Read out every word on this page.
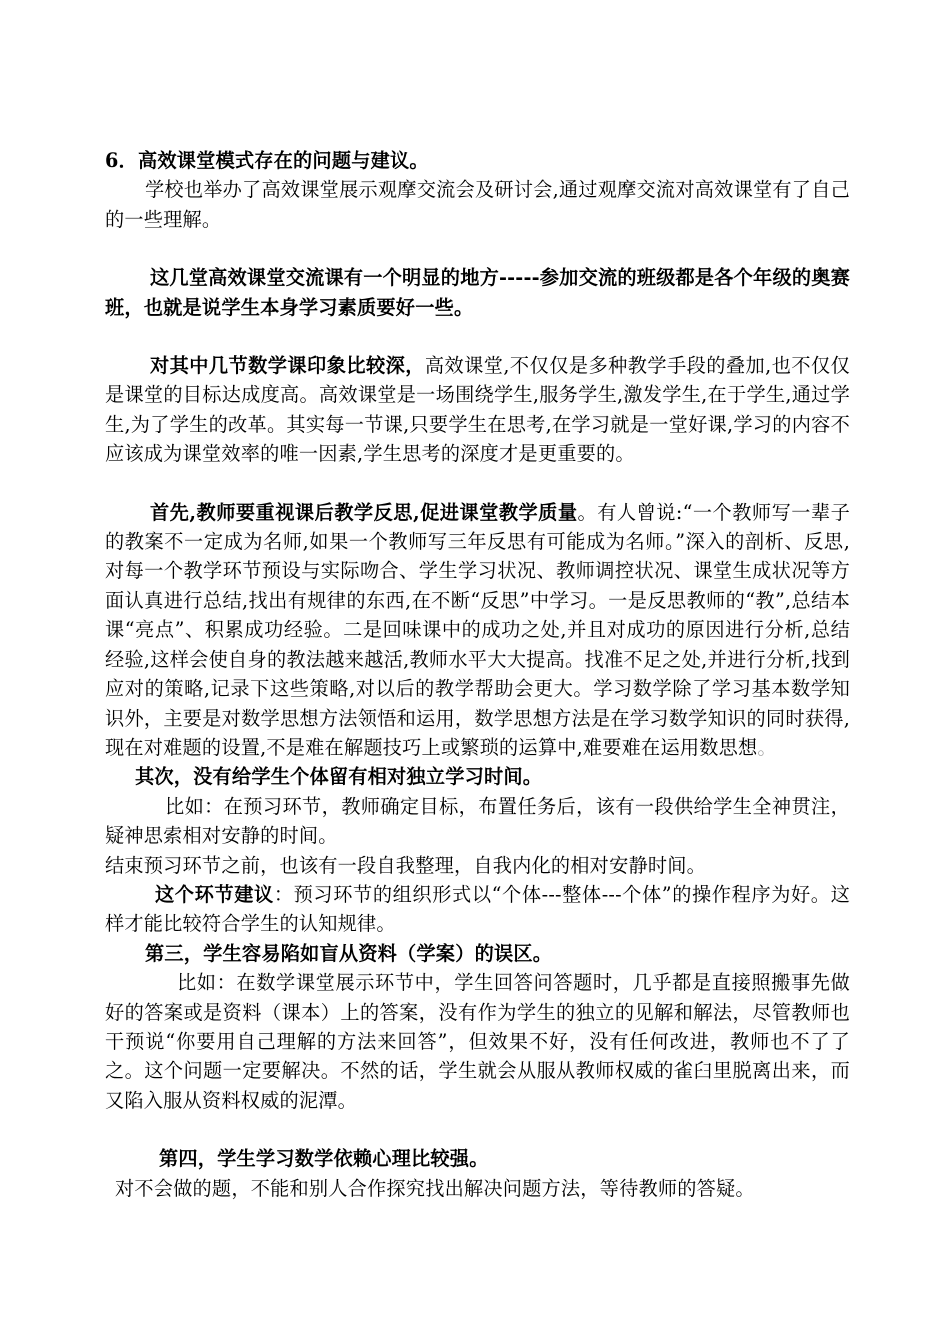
6．高效课堂模式存在的问题与建议。

学校也举办了高效课堂展示观摩交流会及研讨会,通过观摩交流对高效课堂有了自己的一些理解。

这几堂高效课堂交流课有一个明显的地方-----参加交流的班级都是各个年级的奥赛班，也就是说学生本身学习素质要好一些。

对其中几节数学课印象比较深，高效课堂,不仅仅是多种教学手段的叠加,也不仅仅是课堂的目标达成度高。高效课堂是一场围绕学生,服务学生,激发学生,在于学生,通过学生,为了学生的改革。其实每一节课,只要学生在思考,在学习就是一堂好课,学习的内容不应该成为课堂效率的唯一因素,学生思考的深度才是更重要的。

首先,教师要重视课后教学反思,促进课堂教学质量。有人曾说:“一个教师写一辈子的教案不一定成为名师,如果一个教师写三年反思有可能成为名师。”深入的剖析、反思,对每一个教学环节预设与实际吻合、学生学习状况、教师调控状况、课堂生成状况等方面认真进行总结,找出有规律的东西,在不断“反思”中学习。一是反思教师的“教”,总结本课“亮点”、积累成功经验。二是回味课中的成功之处,并且对成功的原因进行分析,总结经验,这样会使自身的教法越来越活,教师水平大大提高。找准不足之处,并进行分析,找到应对的策略,记录下这些策略,对以后的教学帮助会更大。学习数学除了学习基本数学知识外，主要是对数学思想方法领悟和运用，数学思想方法是在学习数学知识的同时获得,现在对难题的设置,不是难在解题技巧上或繁琐的运算中,难要难在运用数思想。

其次，没有给学生个体留有相对独立学习时间。

比如：在预习环节，教师确定目标，布置任务后，该有一段供给学生全神贯注，疑神思索相对安静的时间。

结束预习环节之前，也该有一段自我整理，自我内化的相对安静时间。

这个环节建议：预习环节的组织形式以“个体---整体---个体”的操作程序为好。这样才能比较符合学生的认知规律。

第三，学生容易陷如盲从资料（学案）的误区。

比如：在数学课堂展示环节中，学生回答问答题时，几乎都是直接照搬事先做好的答案或是资料（课本）上的答案，没有作为学生的独立的见解和解法，尽管教师也干预说“你要用自己理解的方法来回答”，但效果不好，没有任何改进，教师也不了了之。这个问题一定要解决。不然的话，学生就会从服从教师权威的雀臼里脱离出来，而又陷入服从资料权威的泥潭。

第四，学生学习数学依赖心理比较强。

对不会做的题，不能和别人合作探究找出解决问题方法，等待教师的答疑。
